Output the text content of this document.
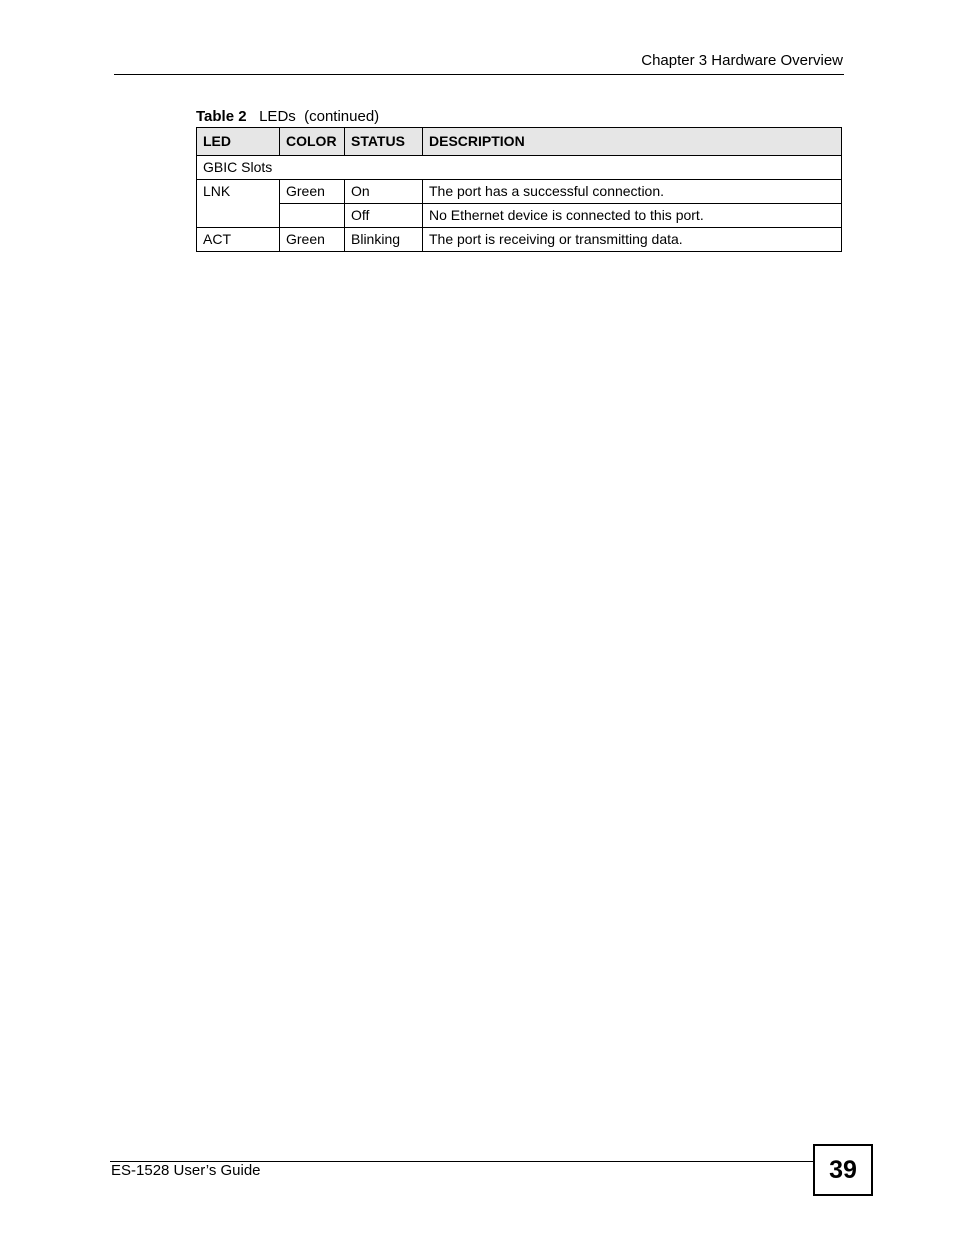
Chapter 3 Hardware Overview
Table 2 LEDs  (continued)
LED	COLOR	STATUS	DESCRIPTION
GBIC Slots			
LNK	Green	On	The port has a successful connection.
		Off	No Ethernet device is connected to this port.
ACT	Green	Blinking	The port is receiving or transmitting data.
ES-1528 User’s Guide	39
